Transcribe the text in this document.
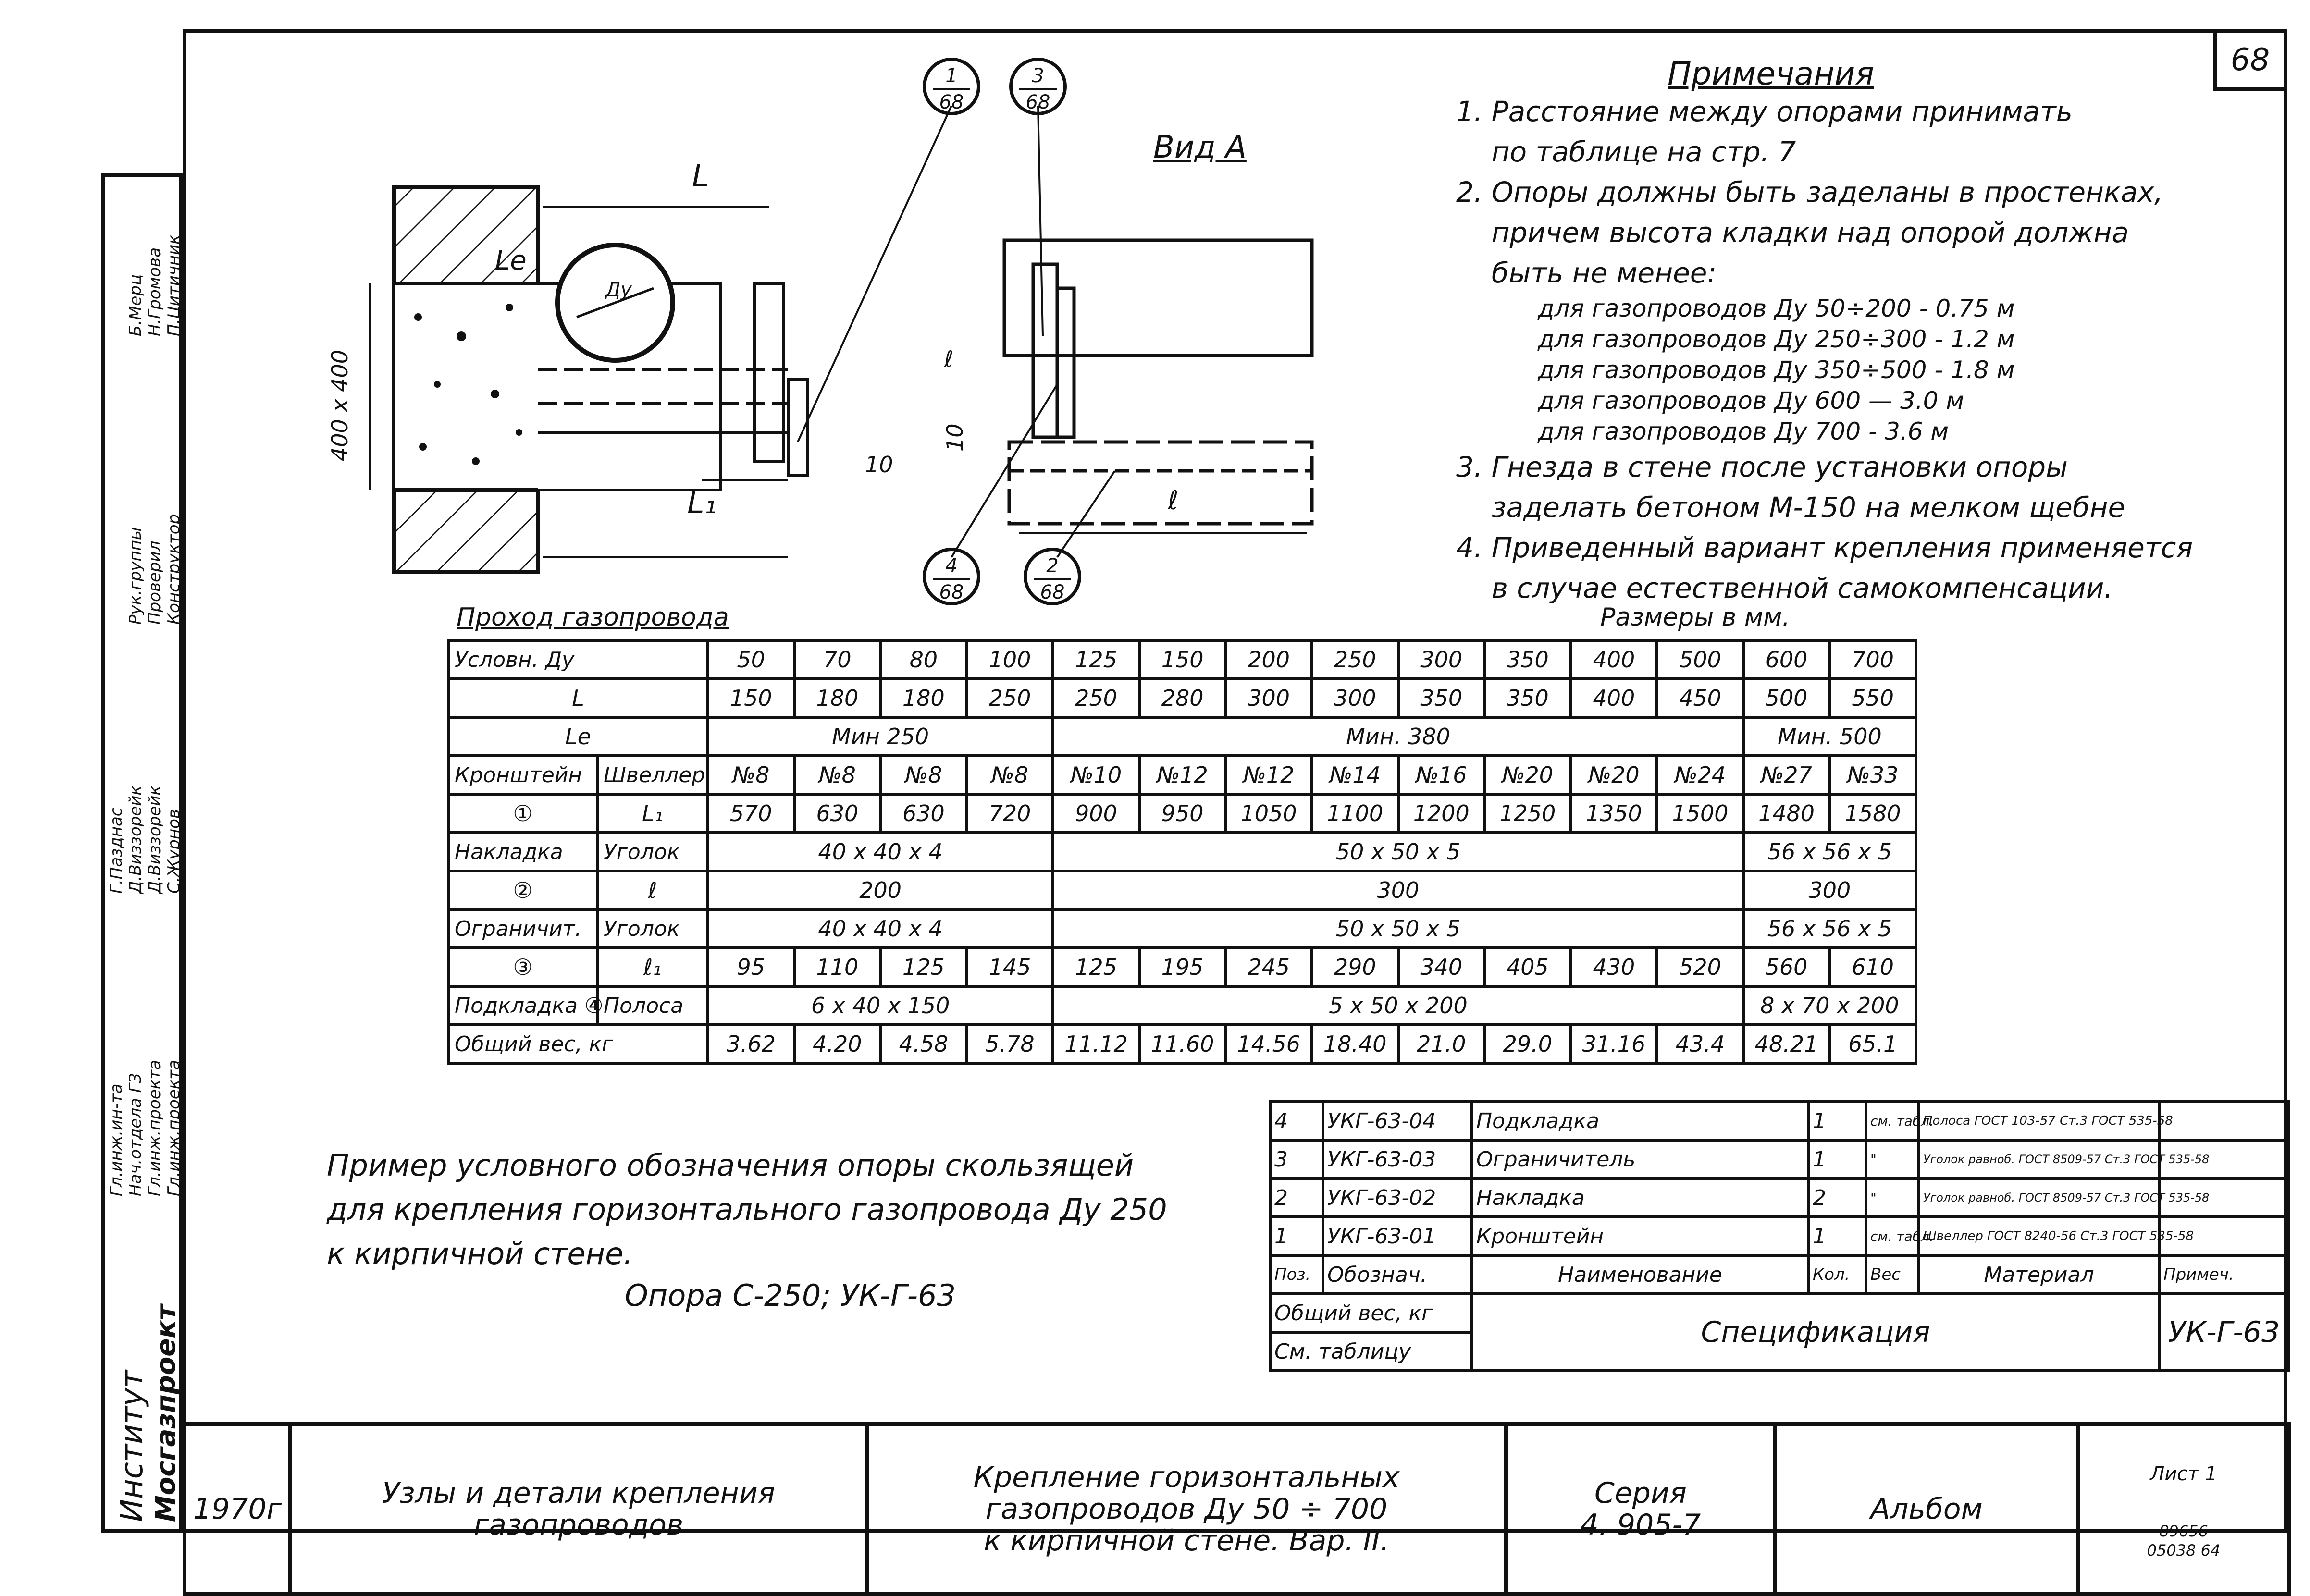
68
Институт Мосгазпроект
Гл.инж.ин-та Нач.отдела ГЗ Гл.инж.проекта Гл.инж.проекта
Г.Пазднас Д.Виззорейк Д.Виззорейк С.Журнов
Рук.группы Проверил Конструктор
Б.Мерц Н.Громова П.Цитичник
Вид А
L
Lе
L₁
400 х 400
10
10
ℓ
ℓ
Ду
1
68
3
68
4
68
2
68
Примечания
1. Расстояние между опорами принимать
по таблице на стр. 7
2. Опоры должны быть заделаны в простенках,
причем высота кладки над опорой должна
быть не менее:
для газопроводов Ду 50÷200 - 0.75 м
для газопроводов Ду 250÷300 - 1.2 м
для газопроводов Ду 350÷500 - 1.8 м
для газопроводов Ду 600 — 3.0 м
для газопроводов Ду 700 - 3.6 м
3. Гнезда в стене после установки опоры
заделать бетоном М-150 на мелком щебне
4. Приведенный вариант крепления применяется
в случае естественной самокомпенсации.
Проход газопровода	Размеры в мм.
Условн. Ду		50	70	80	100	125	150	200	250	300	350	400	500	600	700
L		150	180	180	250	250	280	300	300	350	350	400	450	500	550
Lе		Мин 250				Мин. 380								Мин. 500	
Кронштейн	Швеллер	№8	№8	№8	№8	№10	№12	№12	№14	№16	№20	№20	№24	№27	№33
①	L₁	570	630	630	720	900	950	1050	1100	1200	1250	1350	1500	1480	1580
Накладка	Уголок	40 х 40 х 4				50 х 50 х 5								56 х 56 х 5	
②	ℓ	200				300								300	
Ограничит.	Уголок	40 х 40 х 4				50 х 50 х 5								56 х 56 х 5	
③	ℓ₁	95	110	125	145	125	195	245	290	340	405	430	520	560	610
Подкладка ④	Полоса	6 х 40 х 150				5 х 50 х 200								8 х 70 х 200	
Общий вес, кг		3.62	4.20	4.58	5.78	11.12	11.60	14.56	18.40	21.0	29.0	31.16	43.4	48.21	65.1
Пример условного обозначения опоры скользящей
для крепления горизонтального газопровода Ду 250
к кирпичной стене.
Опора С-250; УК-Г-63
4	УКГ-63-04	Подкладка	1	см. табл.	Полоса ГОСТ 103-57 Ст.3 ГОСТ 535-58	
3	УКГ-63-03	Ограничитель	1	"	Уголок равноб. ГОСТ 8509-57 Ст.3 ГОСТ 535-58	
2	УКГ-63-02	Накладка	2	"	Уголок равноб. ГОСТ 8509-57 Ст.3 ГОСТ 535-58	
1	УКГ-63-01	Кронштейн	1	см. табл.	Швеллер ГОСТ 8240-56 Ст.3 ГОСТ 535-58	
Поз.	Обознач.	Наименование	Кол.	Вес	Материал	Примеч.
Общий вес, кг		Спецификация				УК-Г-63
См. таблицу						
1970г	Узлы и детали крепления
газопроводов	Крепление горизонтальных
газопроводов Ду 50 ÷ 700
к кирпичной стене. Вар. II.	Серия
4. 905-7	Альбом	

Лист 1

89656
05038 64
